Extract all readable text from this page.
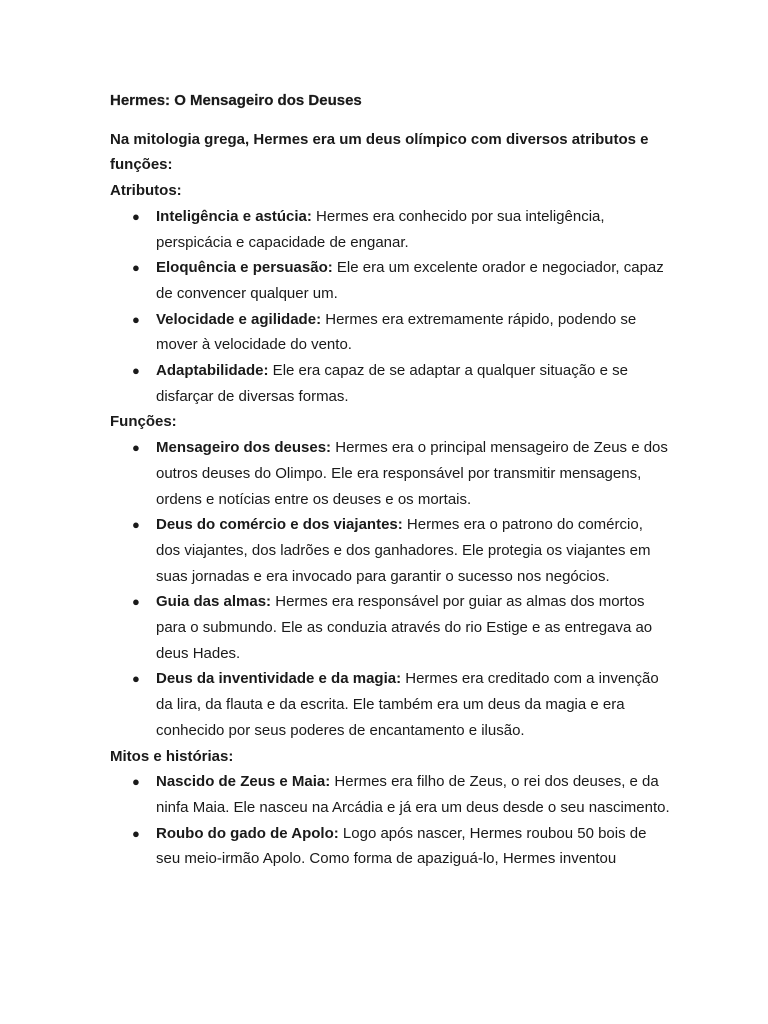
Hermes: O Mensageiro dos Deuses

Na mitologia grega, Hermes era um deus olímpico com diversos atributos e funções:

Atributos:

● Inteligência e astúcia: Hermes era conhecido por sua inteligência, perspicácia e capacidade de enganar.
● Eloquência e persuasão: Ele era um excelente orador e negociador, capaz de convencer qualquer um.
● Velocidade e agilidade: Hermes era extremamente rápido, podendo se mover à velocidade do vento.
● Adaptabilidade: Ele era capaz de se adaptar a qualquer situação e se disfarçar de diversas formas.

Funções:

● Mensageiro dos deuses: Hermes era o principal mensageiro de Zeus e dos outros deuses do Olimpo. Ele era responsável por transmitir mensagens, ordens e notícias entre os deuses e os mortais.
● Deus do comércio e dos viajantes: Hermes era o patrono do comércio, dos viajantes, dos ladrões e dos ganhadores. Ele protegia os viajantes em suas jornadas e era invocado para garantir o sucesso nos negócios.
● Guia das almas: Hermes era responsável por guiar as almas dos mortos para o submundo. Ele as conduzia através do rio Estige e as entregava ao deus Hades.
● Deus da inventividade e da magia: Hermes era creditado com a invenção da lira, da flauta e da escrita. Ele também era um deus da magia e era conhecido por seus poderes de encantamento e ilusão.

Mitos e histórias:

● Nascido de Zeus e Maia: Hermes era filho de Zeus, o rei dos deuses, e da ninfa Maia. Ele nasceu na Arcádia e já era um deus desde o seu nascimento.
● Roubo do gado de Apolo: Logo após nascer, Hermes roubou 50 bois de seu meio-irmão Apolo. Como forma de apaziguá-lo, Hermes inventou
